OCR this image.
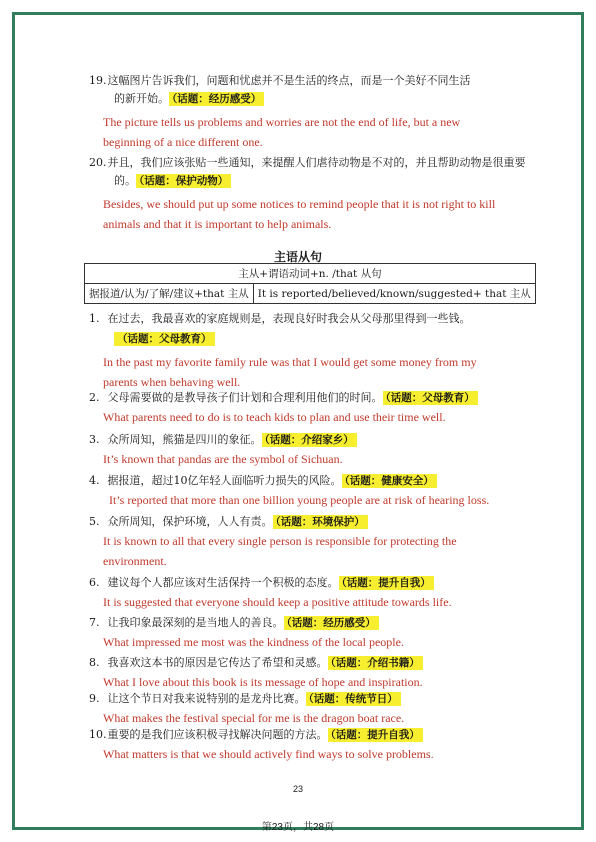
19. 这幅图片告诉我们，问题和忧虑并不是生活的终点，而是一个美好不同生活
的新开始。 （话题：经历感受）
The picture tells us problems and worries are not the end of life, but a new
beginning of a nice different one.
20. 并且，我们应该张贴一些通知，来提醒人们虐待动物是不对的，并且帮助动物是很重要
的。 （话题：保护动物）
Besides, we should put up some notices to remind people that it is not right to kill
animals and that it is important to help animals.
主语从句
主从+谓语动词+n. /that 从句
据报道/认为/了解/建议+that 主从	It is reported/believed/known/suggested+ that 主从
1. 在过去，我最喜欢的家庭规则是，表现良好时我会从父母那里得到一些钱。
（话题：父母教育）
In the past my favorite family rule was that I would get some money from my
parents when behaving well.
2. 父母需要做的是教导孩子们计划和合理利用他们的时间。 （话题：父母教育）
What parents need to do is to teach kids to plan and use their time well.
3. 众所周知，熊猫是四川的象征。 （话题：介绍家乡）
It’s known that pandas are the symbol of Sichuan.
4. 据报道，超过10亿年轻人面临听力损失的风险。 （话题：健康安全）
It’s reported that more than one billion young people are at risk of hearing loss.
5. 众所周知，保护环境，人人有责。 （话题：环境保护）
It is known to all that every single person is responsible for protecting the
environment.
6. 建议每个人都应该对生活保持一个积极的态度。 （话题：提升自我）
It is suggested that everyone should keep a positive attitude towards life.
7. 让我印象最深刻的是当地人的善良。 （话题：经历感受）
What impressed me most was the kindness of the local people.
8. 我喜欢这本书的原因是它传达了希望和灵感。 （话题：介绍书籍）
What I love about this book is its message of hope and inspiration.
9. 让这个节日对我来说特别的是龙舟比赛。 （话题：传统节日）
What makes the festival special for me is the dragon boat race.
10. 重要的是我们应该积极寻找解决问题的方法。 （话题：提升自我）
What matters is that we should actively find ways to solve problems.
23
第23页，共28页
